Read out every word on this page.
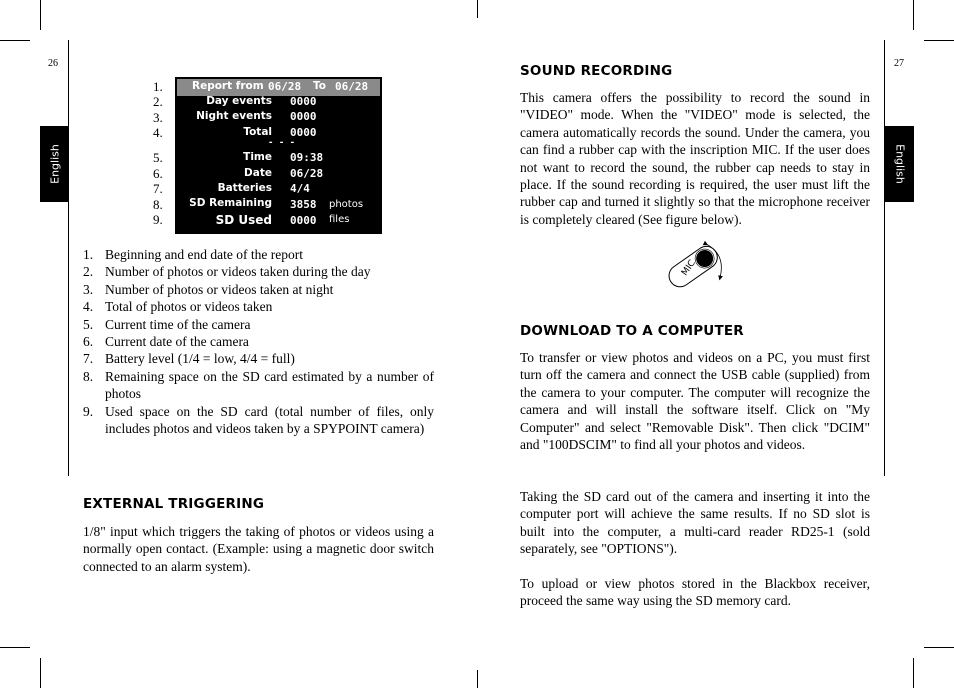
26	27
English	English
1.
2.
3.
4.
5.
6.
7.
8.
9.
Report from 06/28 To 06/28
Day events 0000
Night events 0000
Total 0000
- - -
Time 09:38
Date 06/28
Batteries 4/4
SD Remaining 3858 photos
SD Used 0000 files
1. Beginning and end date of the report
2. Number of photos or videos taken during the day
3. Number of photos or videos taken at night
4. Total of photos or videos taken
5. Current time of the camera
6. Current date of the camera
7. Battery level (1/4 = low, 4/4 = full)
8. Remaining space on the SD card estimated by a number of photos
9. Used space on the SD card (total number of files, only includes photos and videos taken by a SPYPOINT camera)
EXTERNAL TRIGGERING
1/8" input which triggers the taking of photos or videos using a normally open contact. (Example: using a magnetic door switch connected to an alarm system).
SOUND RECORDING
This camera offers the possibility to record the sound in "VIDEO" mode. When the "VIDEO" mode is selected, the camera automatically records the sound. Under the camera, you can find a rubber cap with the inscription MIC. If the user does not want to record the sound, the rubber cap needs to stay in place. If the sound recording is required, the user must lift the rubber cap and turned it slightly so that the microphone receiver is completely cleared (See figure below).
MIC
DOWNLOAD TO A COMPUTER
To transfer or view photos and videos on a PC, you must first turn off the camera and connect the USB cable (supplied) from the camera to your computer. The computer will recognize the camera and will install the software itself. Click on "My Computer" and select "Removable Disk". Then click "DCIM" and "100DSCIM" to find all your photos and videos.
Taking the SD card out of the camera and inserting it into the computer port will achieve the same results. If no SD slot is built into the computer, a multi-card reader RD25-1 (sold separately, see "OPTIONS").
To upload or view photos stored in the Blackbox receiver, proceed the same way using the SD memory card.
